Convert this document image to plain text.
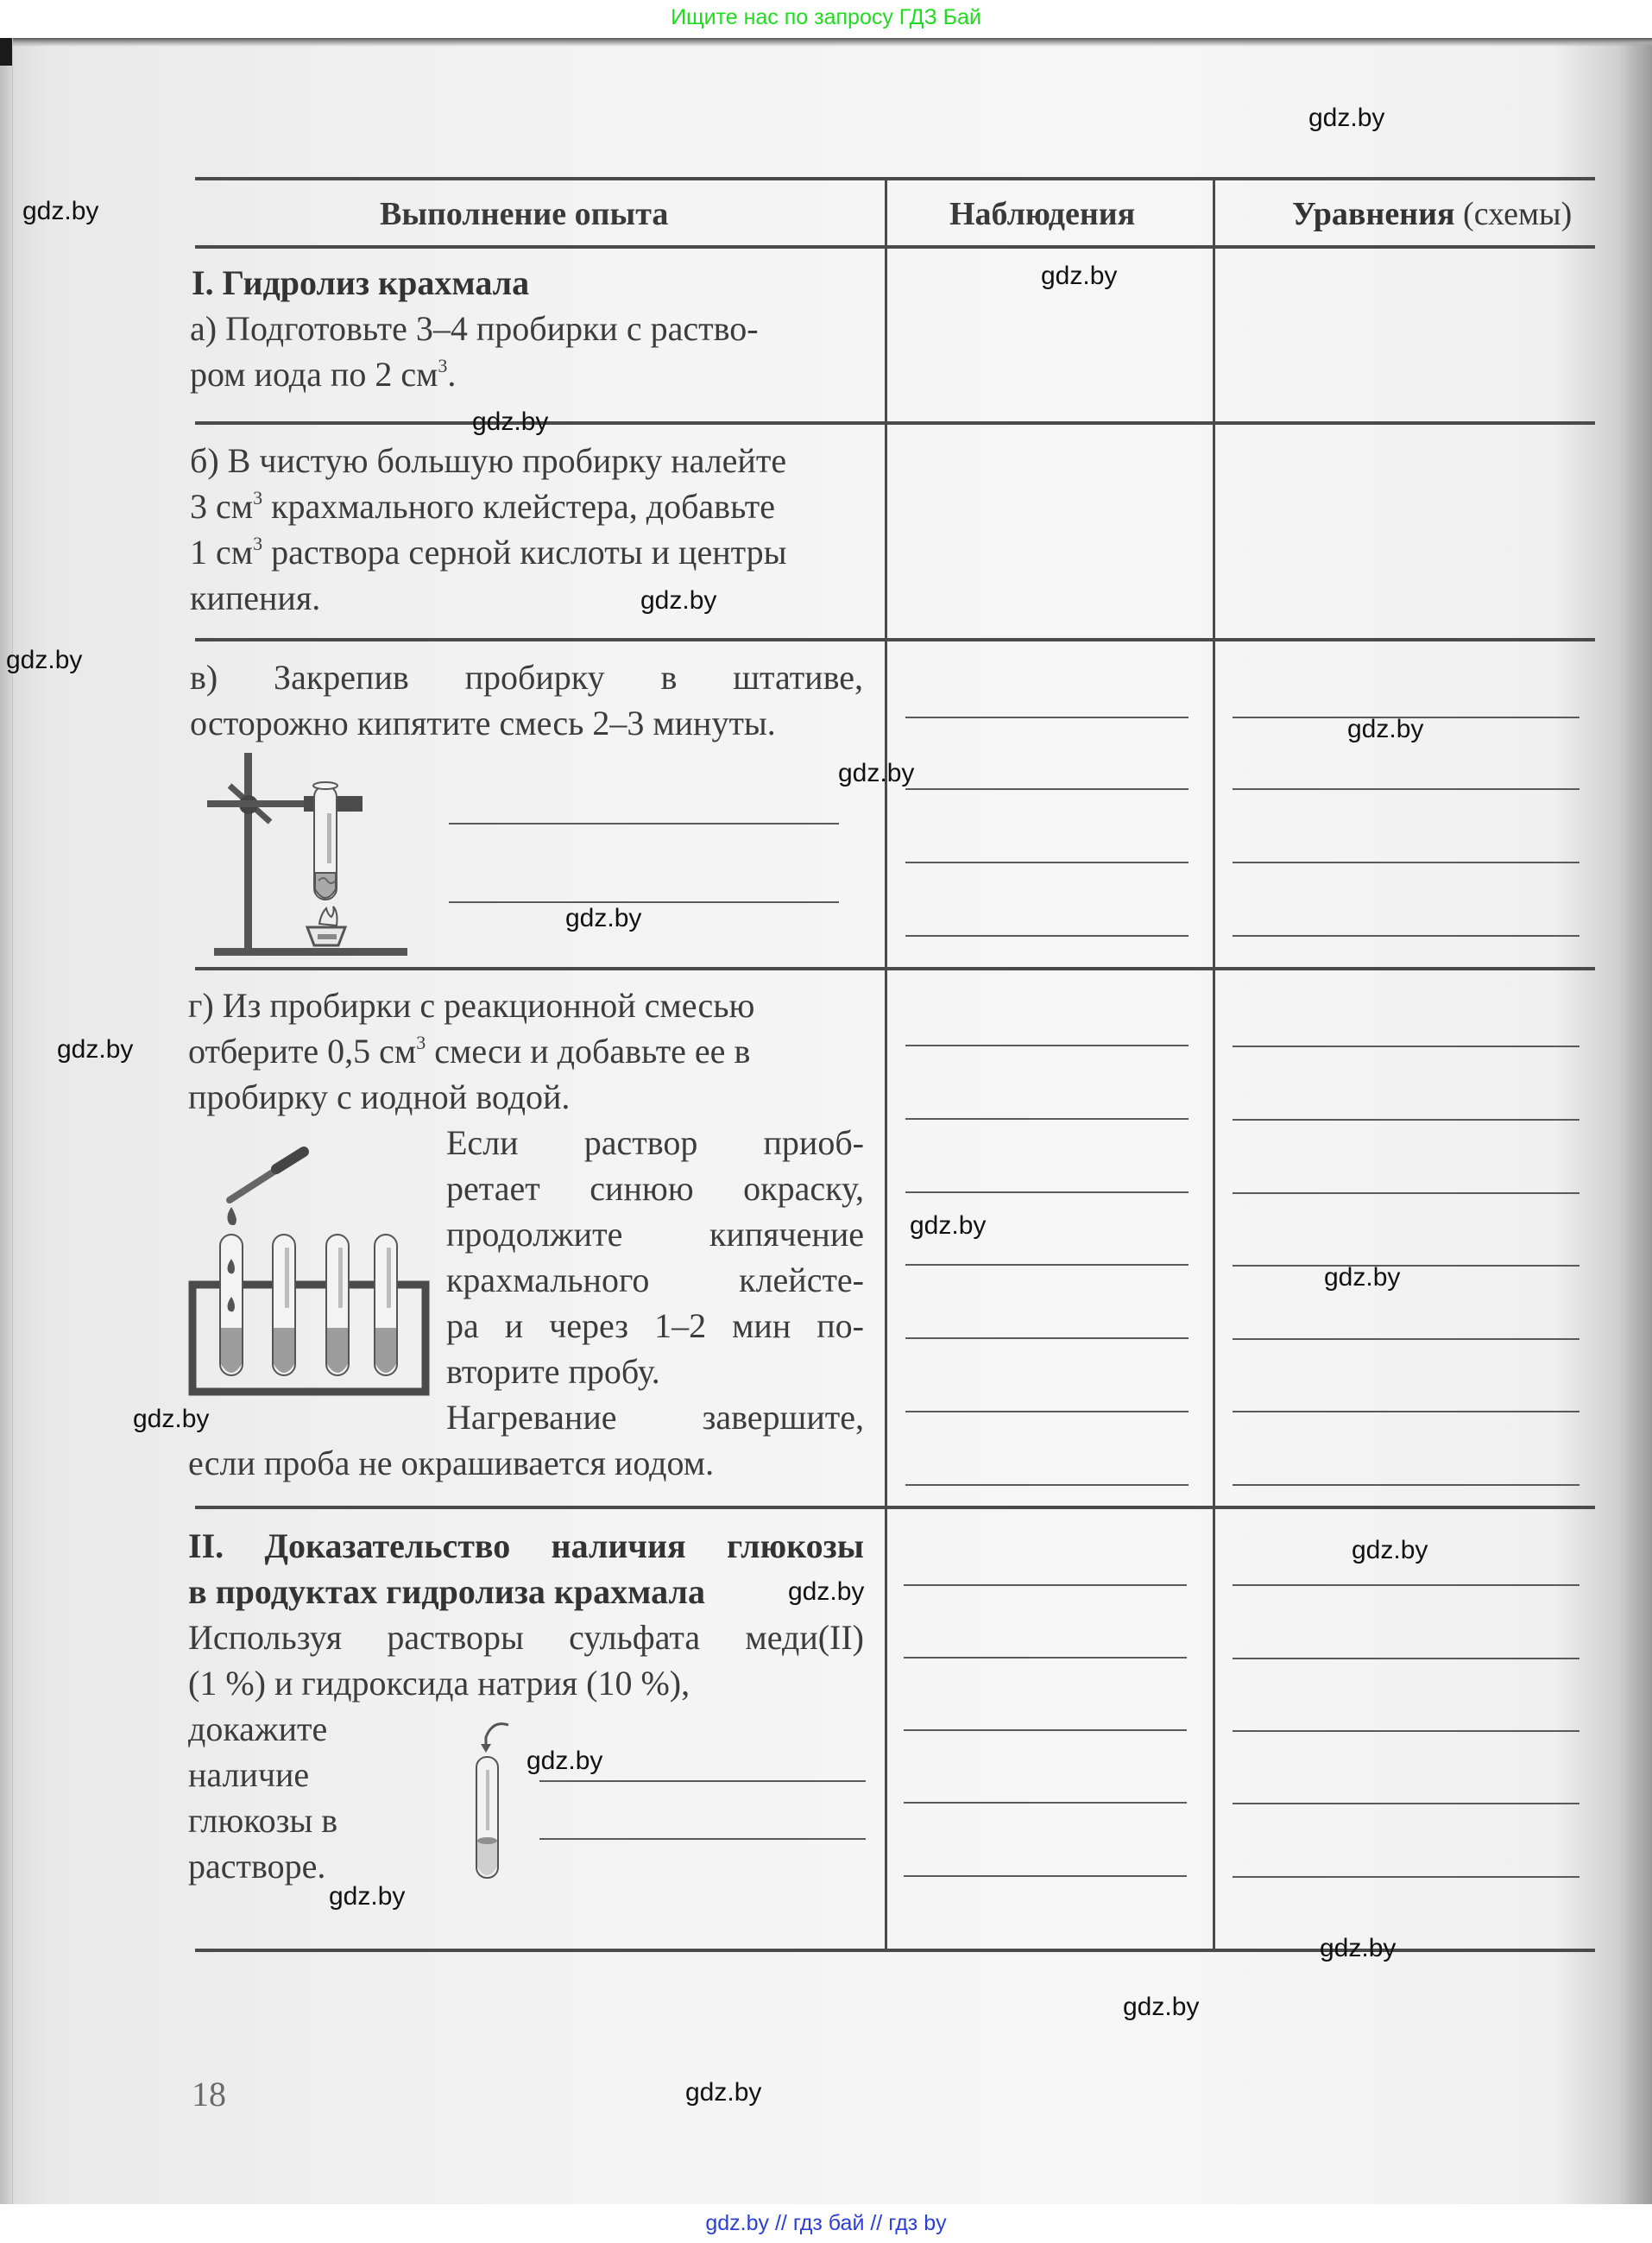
Ищите нас по запросу ГДЗ Бай
Выполнение опыта	Наблюдения	Уравнения (схемы)
I. Гидролиз крахмала
а) Подготовьте 3–4 пробирки с раство-
ром иода по 2 $см^3$.
б) В чистую большую пробирку налейте
3 $см^3$ крахмального клейстера, добавьте
1 $см^3$ раствора серной кислоты и центры
кипения.
в) Закрепив пробирку в штативе,
осторожно кипятите смесь 2–3 минуты.
г) Из пробирки с реакционной смесью
отберите 0,5 $см^3$ смеси и добавьте ее в
пробирку с иодной водой.
Если раствор приоб-
ретает синюю окраску,
продолжите кипячение
крахмального клейсте-
ра и через 1–2 мин по-
вторите пробу.
Нагревание завершите,
если проба не окрашивается иодом.
II. Доказательство наличия глюкозы
в продуктах гидролиза крахмала
Используя растворы сульфата меди(II)
(1 %) и гидроксида натрия (10 %),
докажите
наличие
глюкозы в
растворе.
18
gdz.by
gdz.by
gdz.by
gdz.by
gdz.by
gdz.by
gdz.by
gdz.by
gdz.by
gdz.by
gdz.by
gdz.by
gdz.by
gdz.by
gdz.by
gdz.by
gdz.by
gdz.by
gdz.by
gdz.by
gdz.by // гдз бай // гдз by
